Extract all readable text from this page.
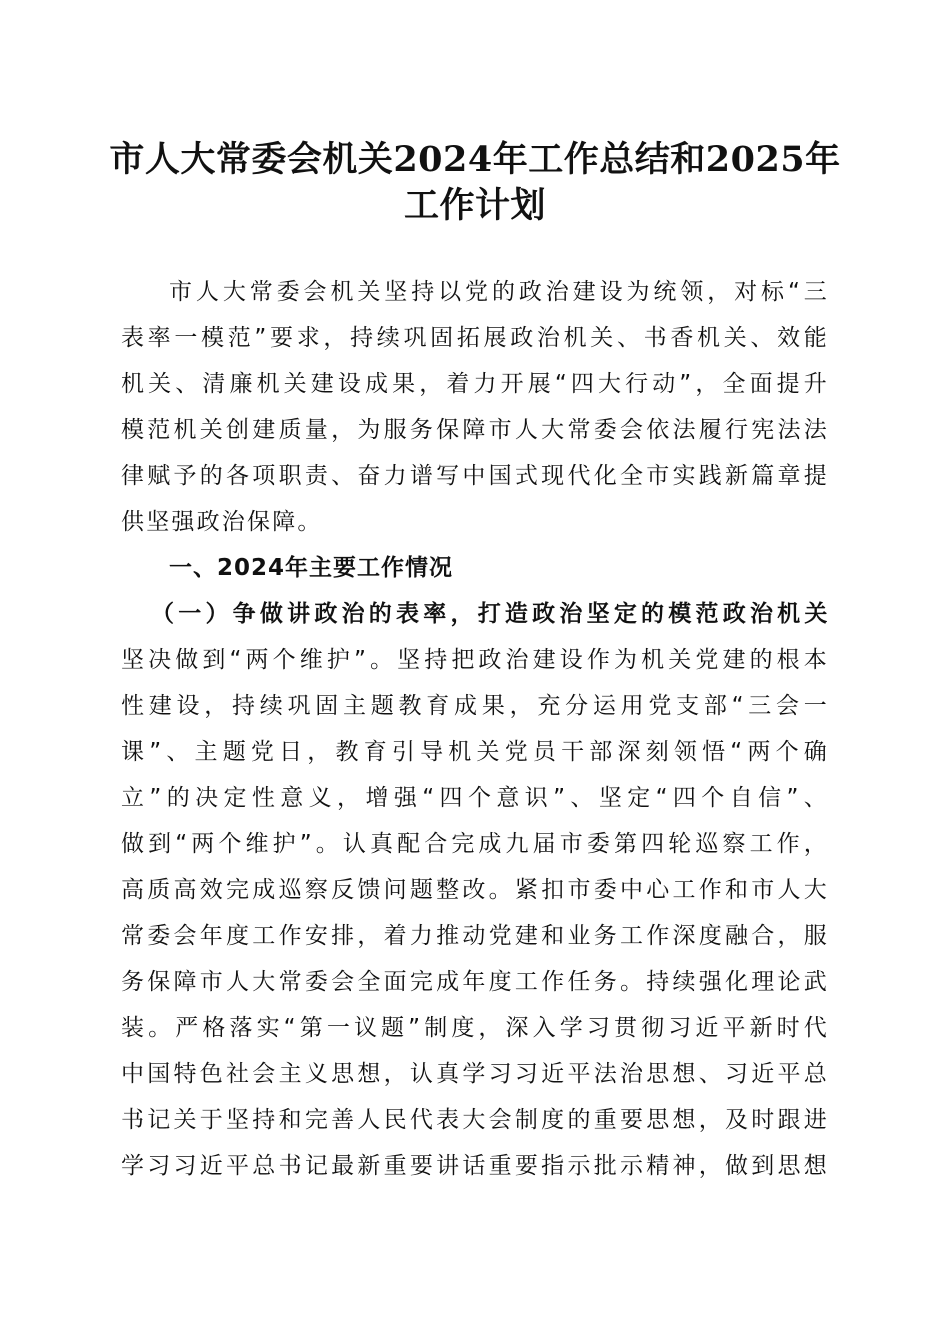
市人大常委会机关2024年工作总结和2025年
工作计划
市人大常委会机关坚持以党的政治建设为统领，对标“三
表率一模范”要求，持续巩固拓展政治机关、书香机关、效能
机关、清廉机关建设成果，着力开展“四大行动”，全面提升
模范机关创建质量，为服务保障市人大常委会依法履行宪法法
律赋予的各项职责、奋力谱写中国式现代化全市实践新篇章提
供坚强政治保障。
一、2024年主要工作情况
（一）争做讲政治的表率，打造政治坚定的模范政治机关
坚决做到“两个维护”。坚持把政治建设作为机关党建的根本
性建设，持续巩固主题教育成果，充分运用党支部“三会一
课”、主题党日，教育引导机关党员干部深刻领悟“两个确
立”的决定性意义，增强“四个意识”、坚定“四个自信”、
做到“两个维护”。认真配合完成九届市委第四轮巡察工作，
高质高效完成巡察反馈问题整改。紧扣市委中心工作和市人大
常委会年度工作安排，着力推动党建和业务工作深度融合，服
务保障市人大常委会全面完成年度工作任务。持续强化理论武
装。严格落实“第一议题”制度，深入学习贯彻习近平新时代
中国特色社会主义思想，认真学习习近平法治思想、习近平总
书记关于坚持和完善人民代表大会制度的重要思想，及时跟进
学习习近平总书记最新重要讲话重要指示批示精神，做到思想
